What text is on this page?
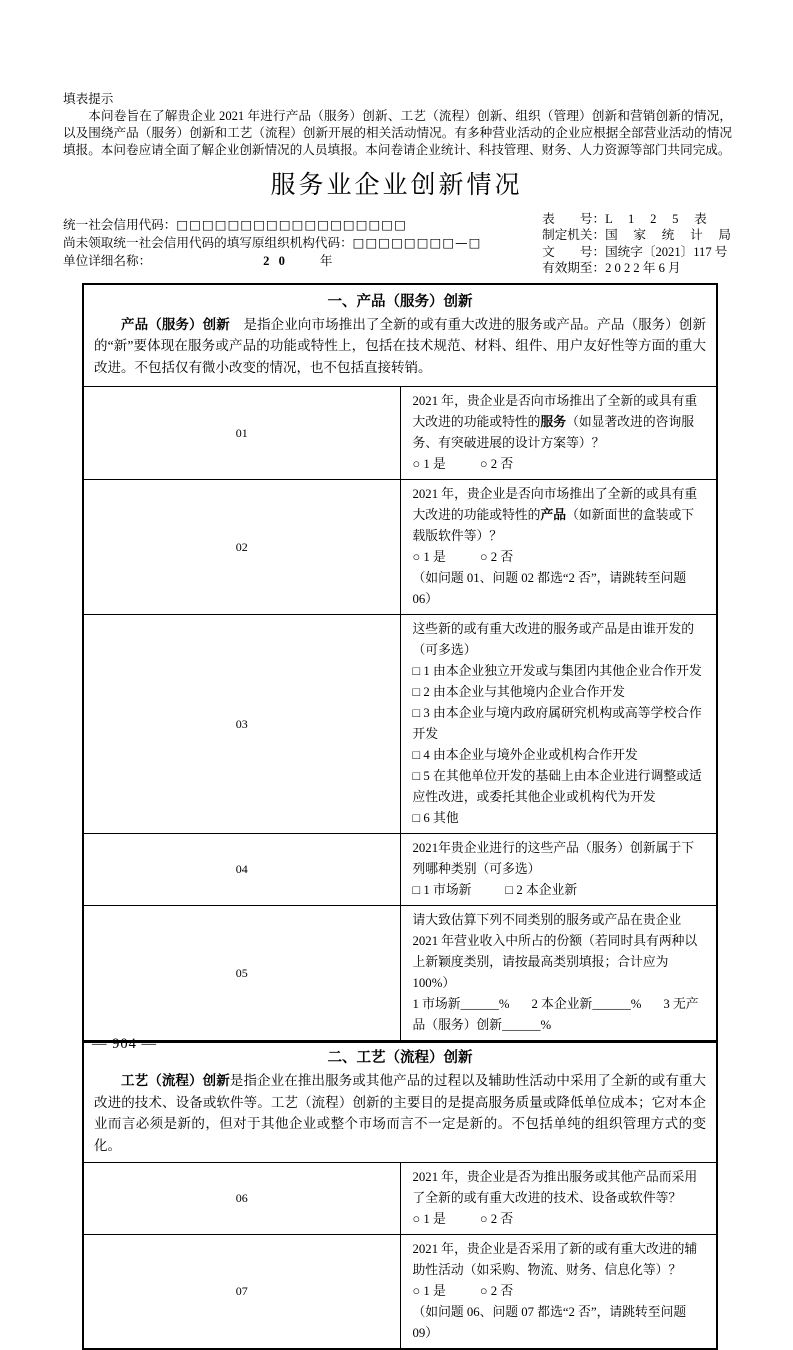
填表提示

本问卷旨在了解贵企业 2021 年进行产品（服务）创新、工艺（流程）创新、组织（管理）创新和营销创新的情况，以及围绕产品（服务）创新和工艺（流程）创新开展的相关活动情况。有多种营业活动的企业应根据全部营业活动的情况填报。本问卷应请全面了解企业创新情况的人员填报。本问卷请企业统计、科技管理、财务、人力资源等部门共同完成。

服务业企业创新情况
统一社会信用代码：□□□□□□□□□□□□□□□□□□
尚未领取统一社会信用代码的填写原组织机构代码：□□□□□□□□—□
单位详细名称：	2 0	年
表　　号：L　 1　 2 　5　 表
制定机关：国　 家　 统 　计　 局
文　　号：国统字〔2021〕117 号
有效期至：2 0 2 2 年 6 月

一、产品（服务）创新

产品（服务）创新　是指企业向市场推出了全新的或有重大改进的服务或产品。产品（服务）创新的“新”要体现在服务或产品的功能或特性上，包括在技术规范、材料、组件、用户友好性等方面的重大改进。不包括仅有微小改变的情况，也不包括直接转销。	

01	2021 年，贵企业是否向市场推出了全新的或具有重大改进的功能或特性的服务（如显著改进的咨询服务、有突破进展的设计方案等）？
○ 1 是 ○ 2 否

02	2021 年，贵企业是否向市场推出了全新的或具有重大改进的功能或特性的产品（如新面世的盒装或下载版软件等）？
○ 1 是 ○ 2 否
（如问题 01、问题 02 都选“2 否”，请跳转至问题 06）

03	
这些新的或有重大改进的服务或产品是由谁开发的（可多选）
□ 1 由本企业独立开发或与集团内其他企业合作开发
□ 2 由本企业与其他境内企业合作开发
□ 3 由本企业与境内政府属研究机构或高等学校合作开发
□ 4 由本企业与境外企业或机构合作开发
□ 5 在其他单位开发的基础上由本企业进行调整或适应性改进，或委托其他企业或机构代为开发
□ 6 其他

04	2021年贵企业进行的这些产品（服务）创新属于下列哪种类别（可多选）
□ 1 市场新 □ 2 本企业新

05	请大致估算下列不同类别的服务或产品在贵企业 2021 年营业收入中所占的份额（若同时具有两种以上新颖度类别，请按最高类别填报；合计应为 100%）
1 市场新______% 2 本企业新______% 3 无产品（服务）创新______%

二、工艺（流程）创新

工艺（流程）创新是指企业在推出服务或其他产品的过程以及辅助性活动中采用了全新的或有重大改进的技术、设备或软件等。工艺（流程）创新的主要目的是提高服务质量或降低单位成本；它对本企业而言必须是新的，但对于其他企业或整个市场而言不一定是新的。不包括单纯的组织管理方式的变化。	

06	2021 年，贵企业是否为推出服务或其他产品而采用了全新的或有重大改进的技术、设备或软件等？
○ 1 是 ○ 2 否

07	2021 年，贵企业是否采用了新的或有重大改进的辅助性活动（如采购、物流、财务、信息化等）？
○ 1 是 ○ 2 否
（如问题 06、问题 07 都选“2 否”，请跳转至问题 09）
— 904 —
